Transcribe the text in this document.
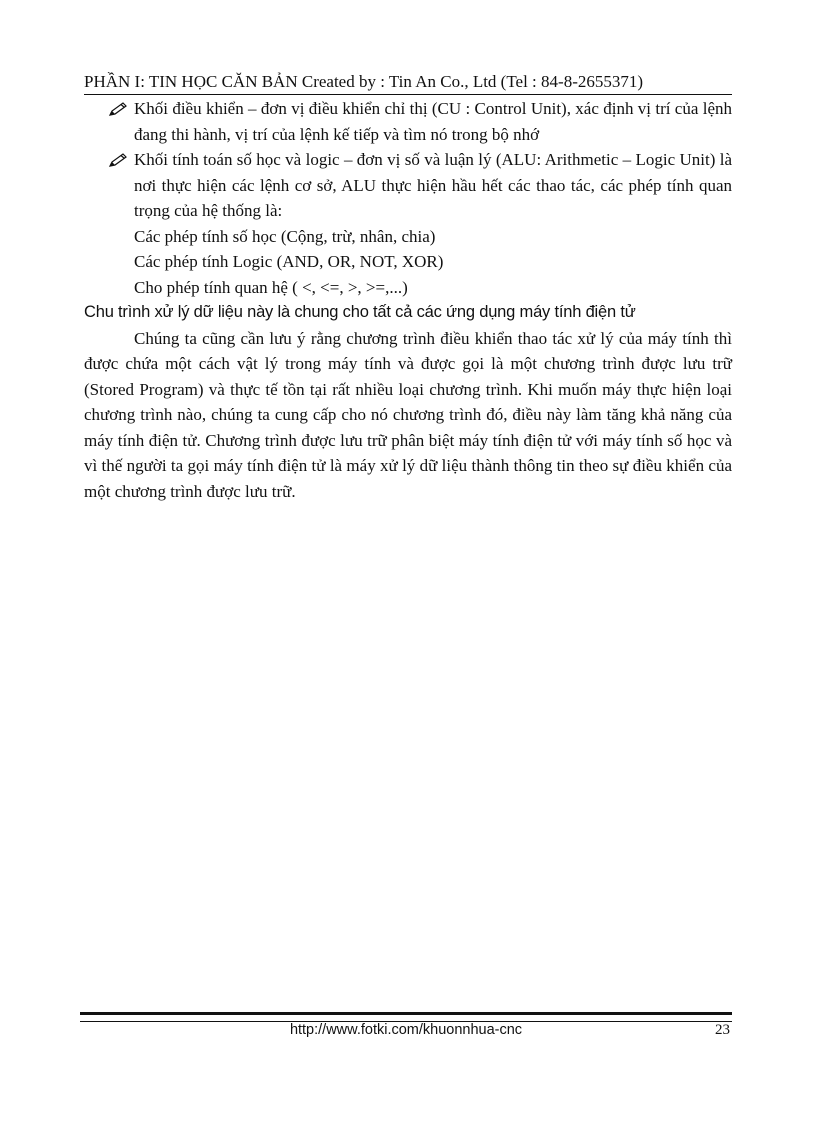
PHẦN I: TIN HỌC CĂN BẢN Created by : Tin An Co., Ltd (Tel : 84-8-2655371)
Khối điều khiển – đơn vị điều khiển chỉ thị (CU : Control Unit), xác định vị trí của lệnh đang thi hành, vị trí của lệnh kế tiếp và tìm nó trong bộ nhớ
Khối tính toán số học và logic – đơn vị số và luận lý (ALU: Arithmetic – Logic Unit) là nơi thực hiện các lệnh cơ sở, ALU thực hiện hầu hết các thao tác, các phép tính quan trọng của hệ thống là:
Các phép tính số học (Cộng, trừ, nhân, chia)
Các phép tính Logic (AND, OR, NOT, XOR)
Cho phép tính quan hệ ( <, <=, >, >=,...)
Chu trình xử lý dữ liệu này là chung cho tất cả các ứng dụng máy tính điện tử
Chúng ta cũng cần lưu ý rằng chương trình điều khiển thao tác xử lý của máy tính thì được chứa một cách vật lý trong máy tính và được gọi là một chương trình được lưu trữ (Stored Program) và thực tế tồn tại rất nhiều loại chương trình. Khi muốn máy thực hiện loại chương trình nào, chúng ta cung cấp cho nó chương trình đó, điều này làm tăng khả năng của máy tính điện tử. Chương trình được lưu trữ phân biệt máy tính điện tử với máy tính số học và vì thế người ta gọi máy tính điện tử là máy xử lý dữ liệu thành thông tin theo sự điều khiển của một chương trình được lưu trữ.
http://www.fotki.com/khuonnhua-cnc	23
